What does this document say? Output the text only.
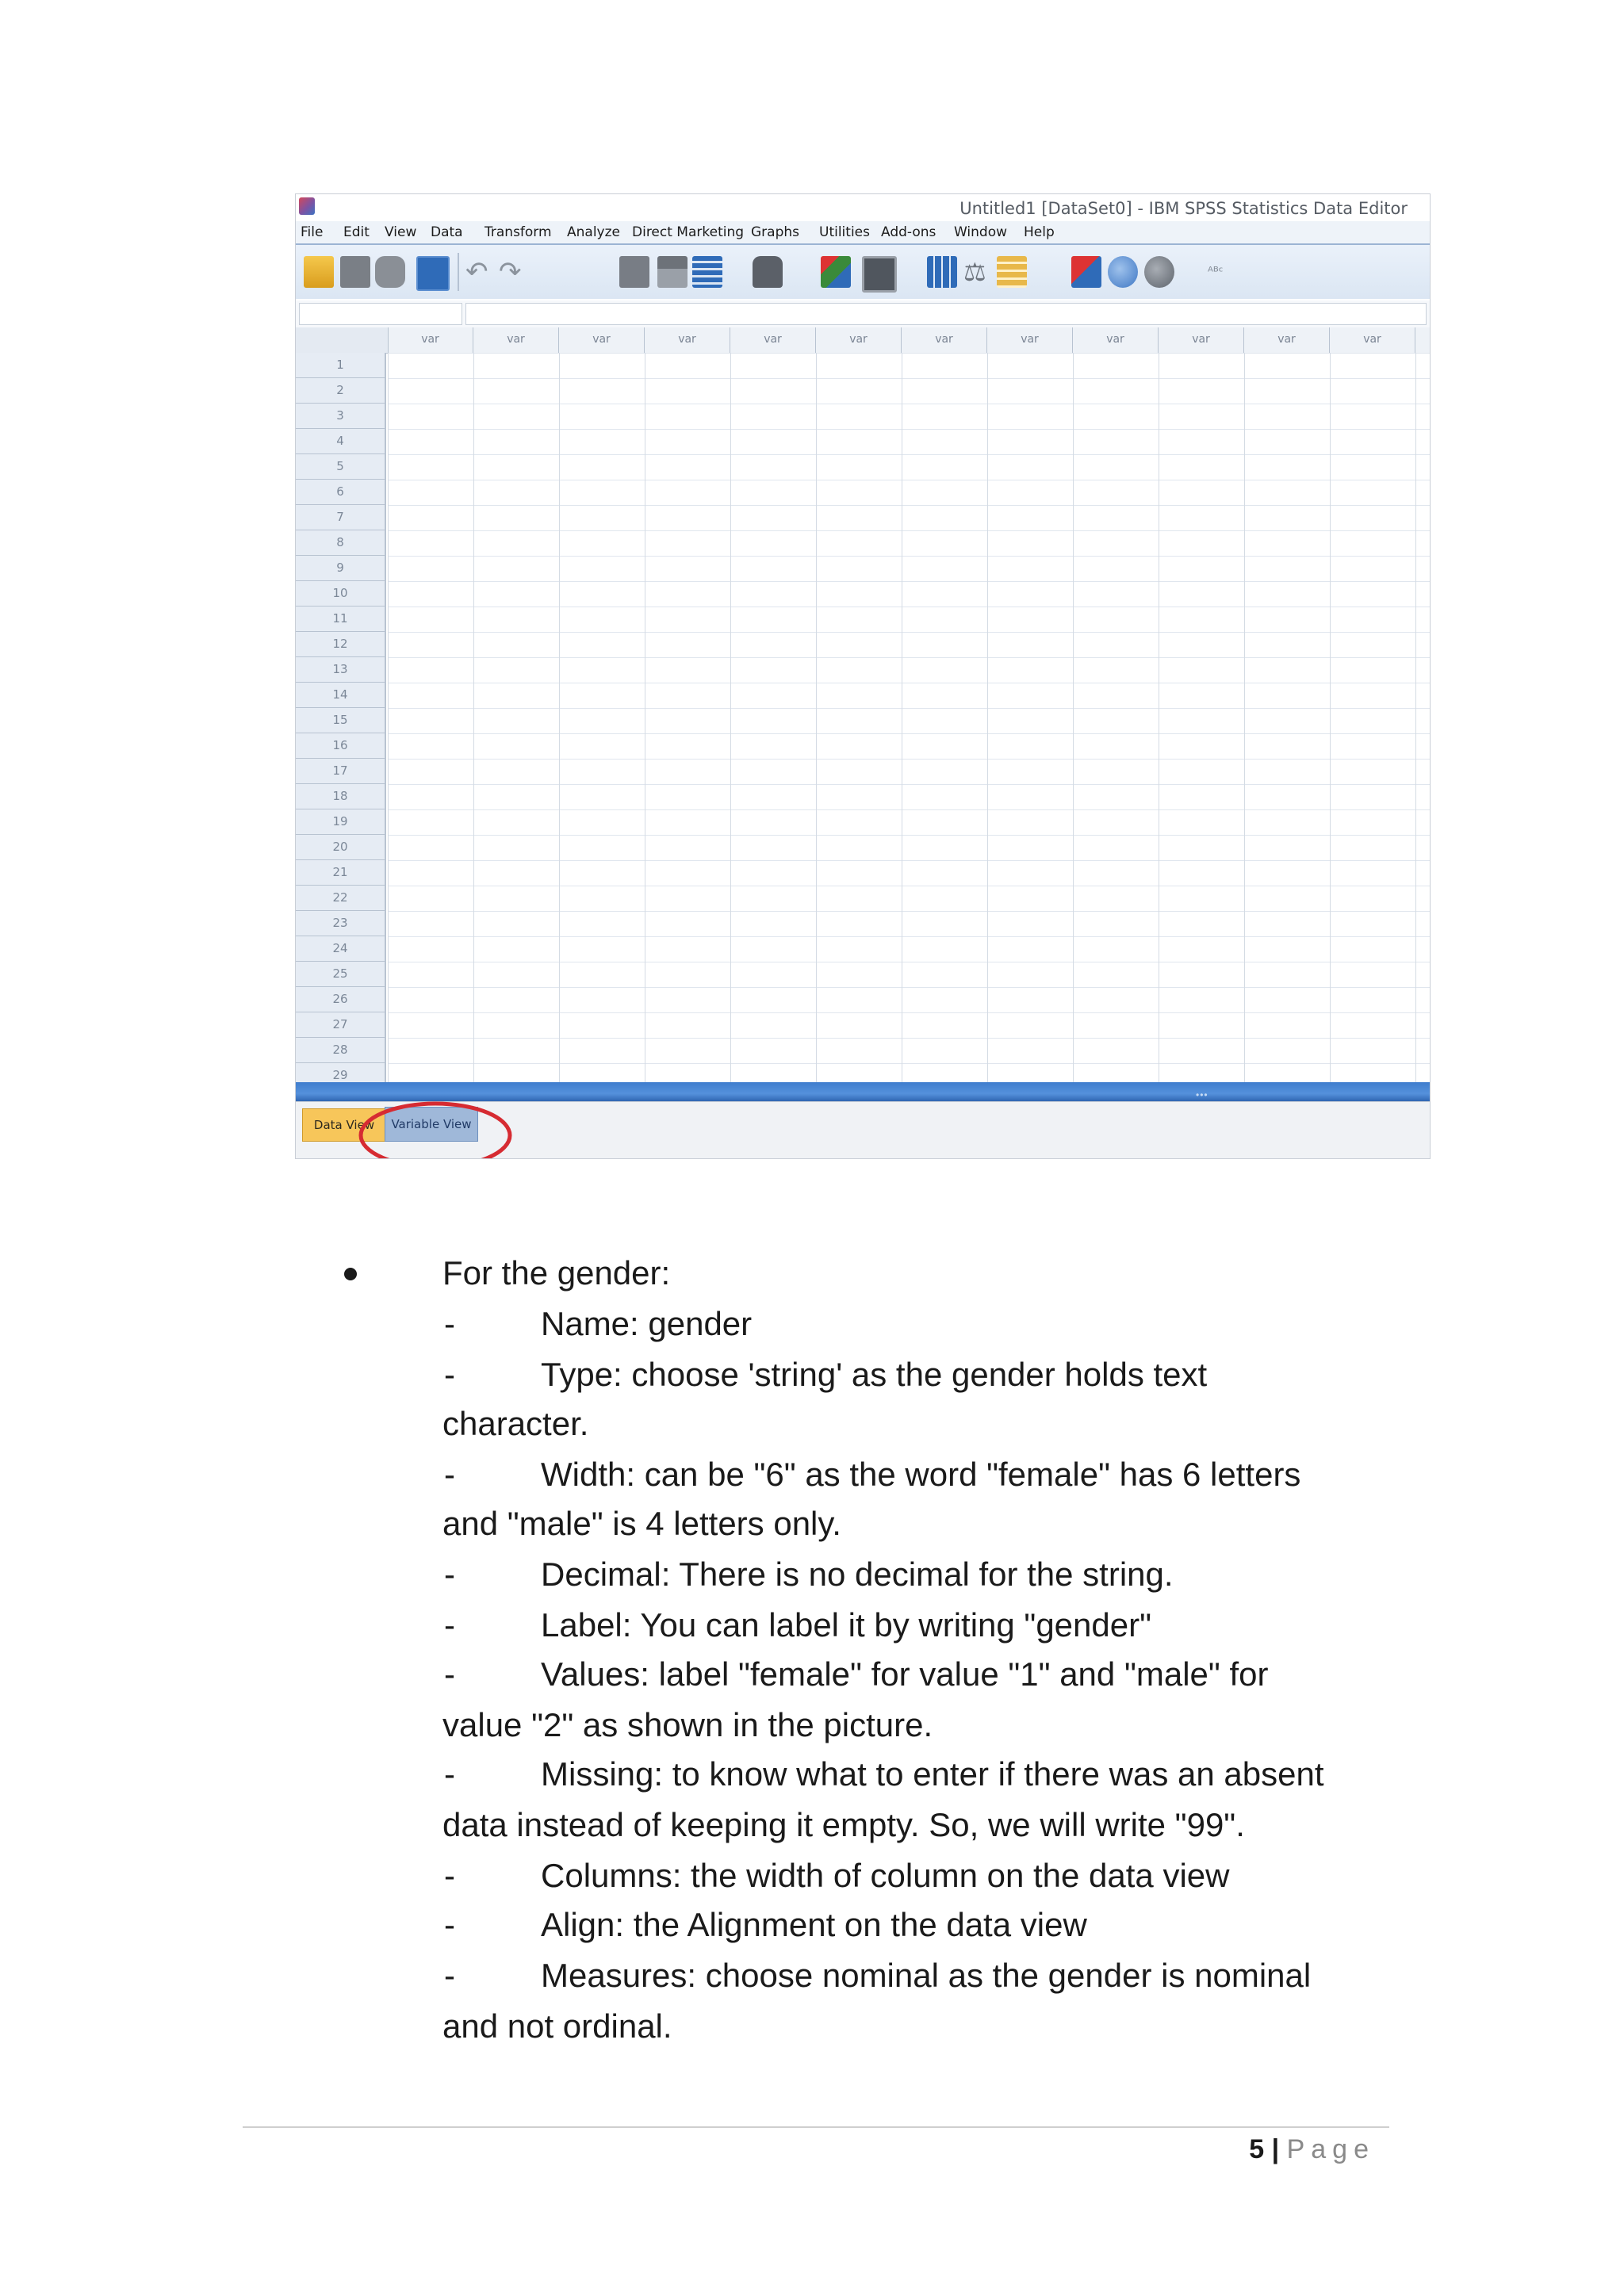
Untitled1 [DataSet0] - IBM SPSS Statistics Data Editor
File Edit View Data Transform Analyze Direct Marketing Graphs Utilities Add-ons Window Help
↶ ↷	⚖	ᴬᴮᶜ
var	var	var	var	var	var	var	var	var	var	var	var
1
2
3
4
5
6
7
8
9
10
11
12
13
14
15
16
17
18
19
20
21
22
23
24
25
26
27
28
29
•••
Data View	Variable View
For the gender:
-	Name: gender
-	Type: choose 'string' as the gender holds text
character.
-	Width: can be "6" as the word "female" has 6 letters
and "male" is 4 letters only.
-	Decimal: There is no decimal for the string.
-	Label: You can label it by writing "gender"
-	Values: label "female" for value "1" and "male" for
value "2" as shown in the picture.
-	Missing: to know what to enter if there was an absent
data instead of keeping it empty. So, we will write "99".
-	Columns: the width of column on the data view
-	Align: the Alignment on the data view
-	Measures: choose nominal as the gender is nominal
and not ordinal.
5 | Page
